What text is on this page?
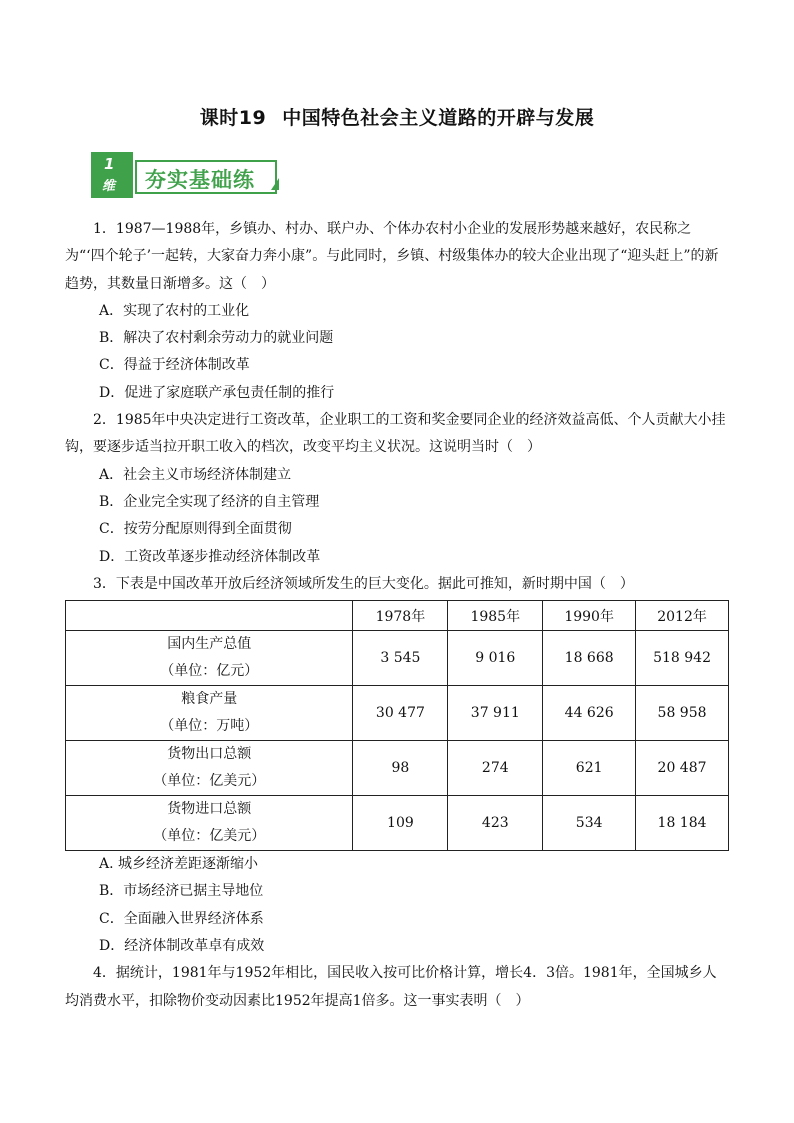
课时19 中国特色社会主义道路的开辟与发展
1
维 夯实基础练
1．1987—1988年，乡镇办、村办、联户办、个体办农村小企业的发展形势越来越好，农民称之为“‘四个轮子’一起转，大家奋力奔小康”。与此同时，乡镇、村级集体办的较大企业出现了“迎头赶上”的新趋势，其数量日渐增多。这（　）
A．实现了农村的工业化
B．解决了农村剩余劳动力的就业问题
C．得益于经济体制改革
D．促进了家庭联产承包责任制的推行
2．1985年中央决定进行工资改革，企业职工的工资和奖金要同企业的经济效益高低、个人贡献大小挂钩，要逐步适当拉开职工收入的档次，改变平均主义状况。这说明当时（　）
A．社会主义市场经济体制建立
B．企业完全实现了经济的自主管理
C．按劳分配原则得到全面贯彻
D．工资改革逐步推动经济体制改革
3．下表是中国改革开放后经济领域所发生的巨大变化。据此可推知，新时期中国（　）
	1978年	1985年	1990年	2012年

国内生产总值
（单位：亿元）	3 545	9 016	18 668	518 942

粮食产量
（单位：万吨）	30 477	37 911	44 626	58 958

货物出口总额
（单位：亿美元）	98	274	621	20 487

货物进口总额
（单位：亿美元）	109	423	534	18 184
A. 城乡经济差距逐渐缩小
B．市场经济已据主导地位
C．全面融入世界经济体系
D．经济体制改革卓有成效
4．据统计，1981年与1952年相比，国民收入按可比价格计算，增长4．3倍。1981年，全国城乡人均消费水平，扣除物价变动因素比1952年提高1倍多。这一事实表明（　）
